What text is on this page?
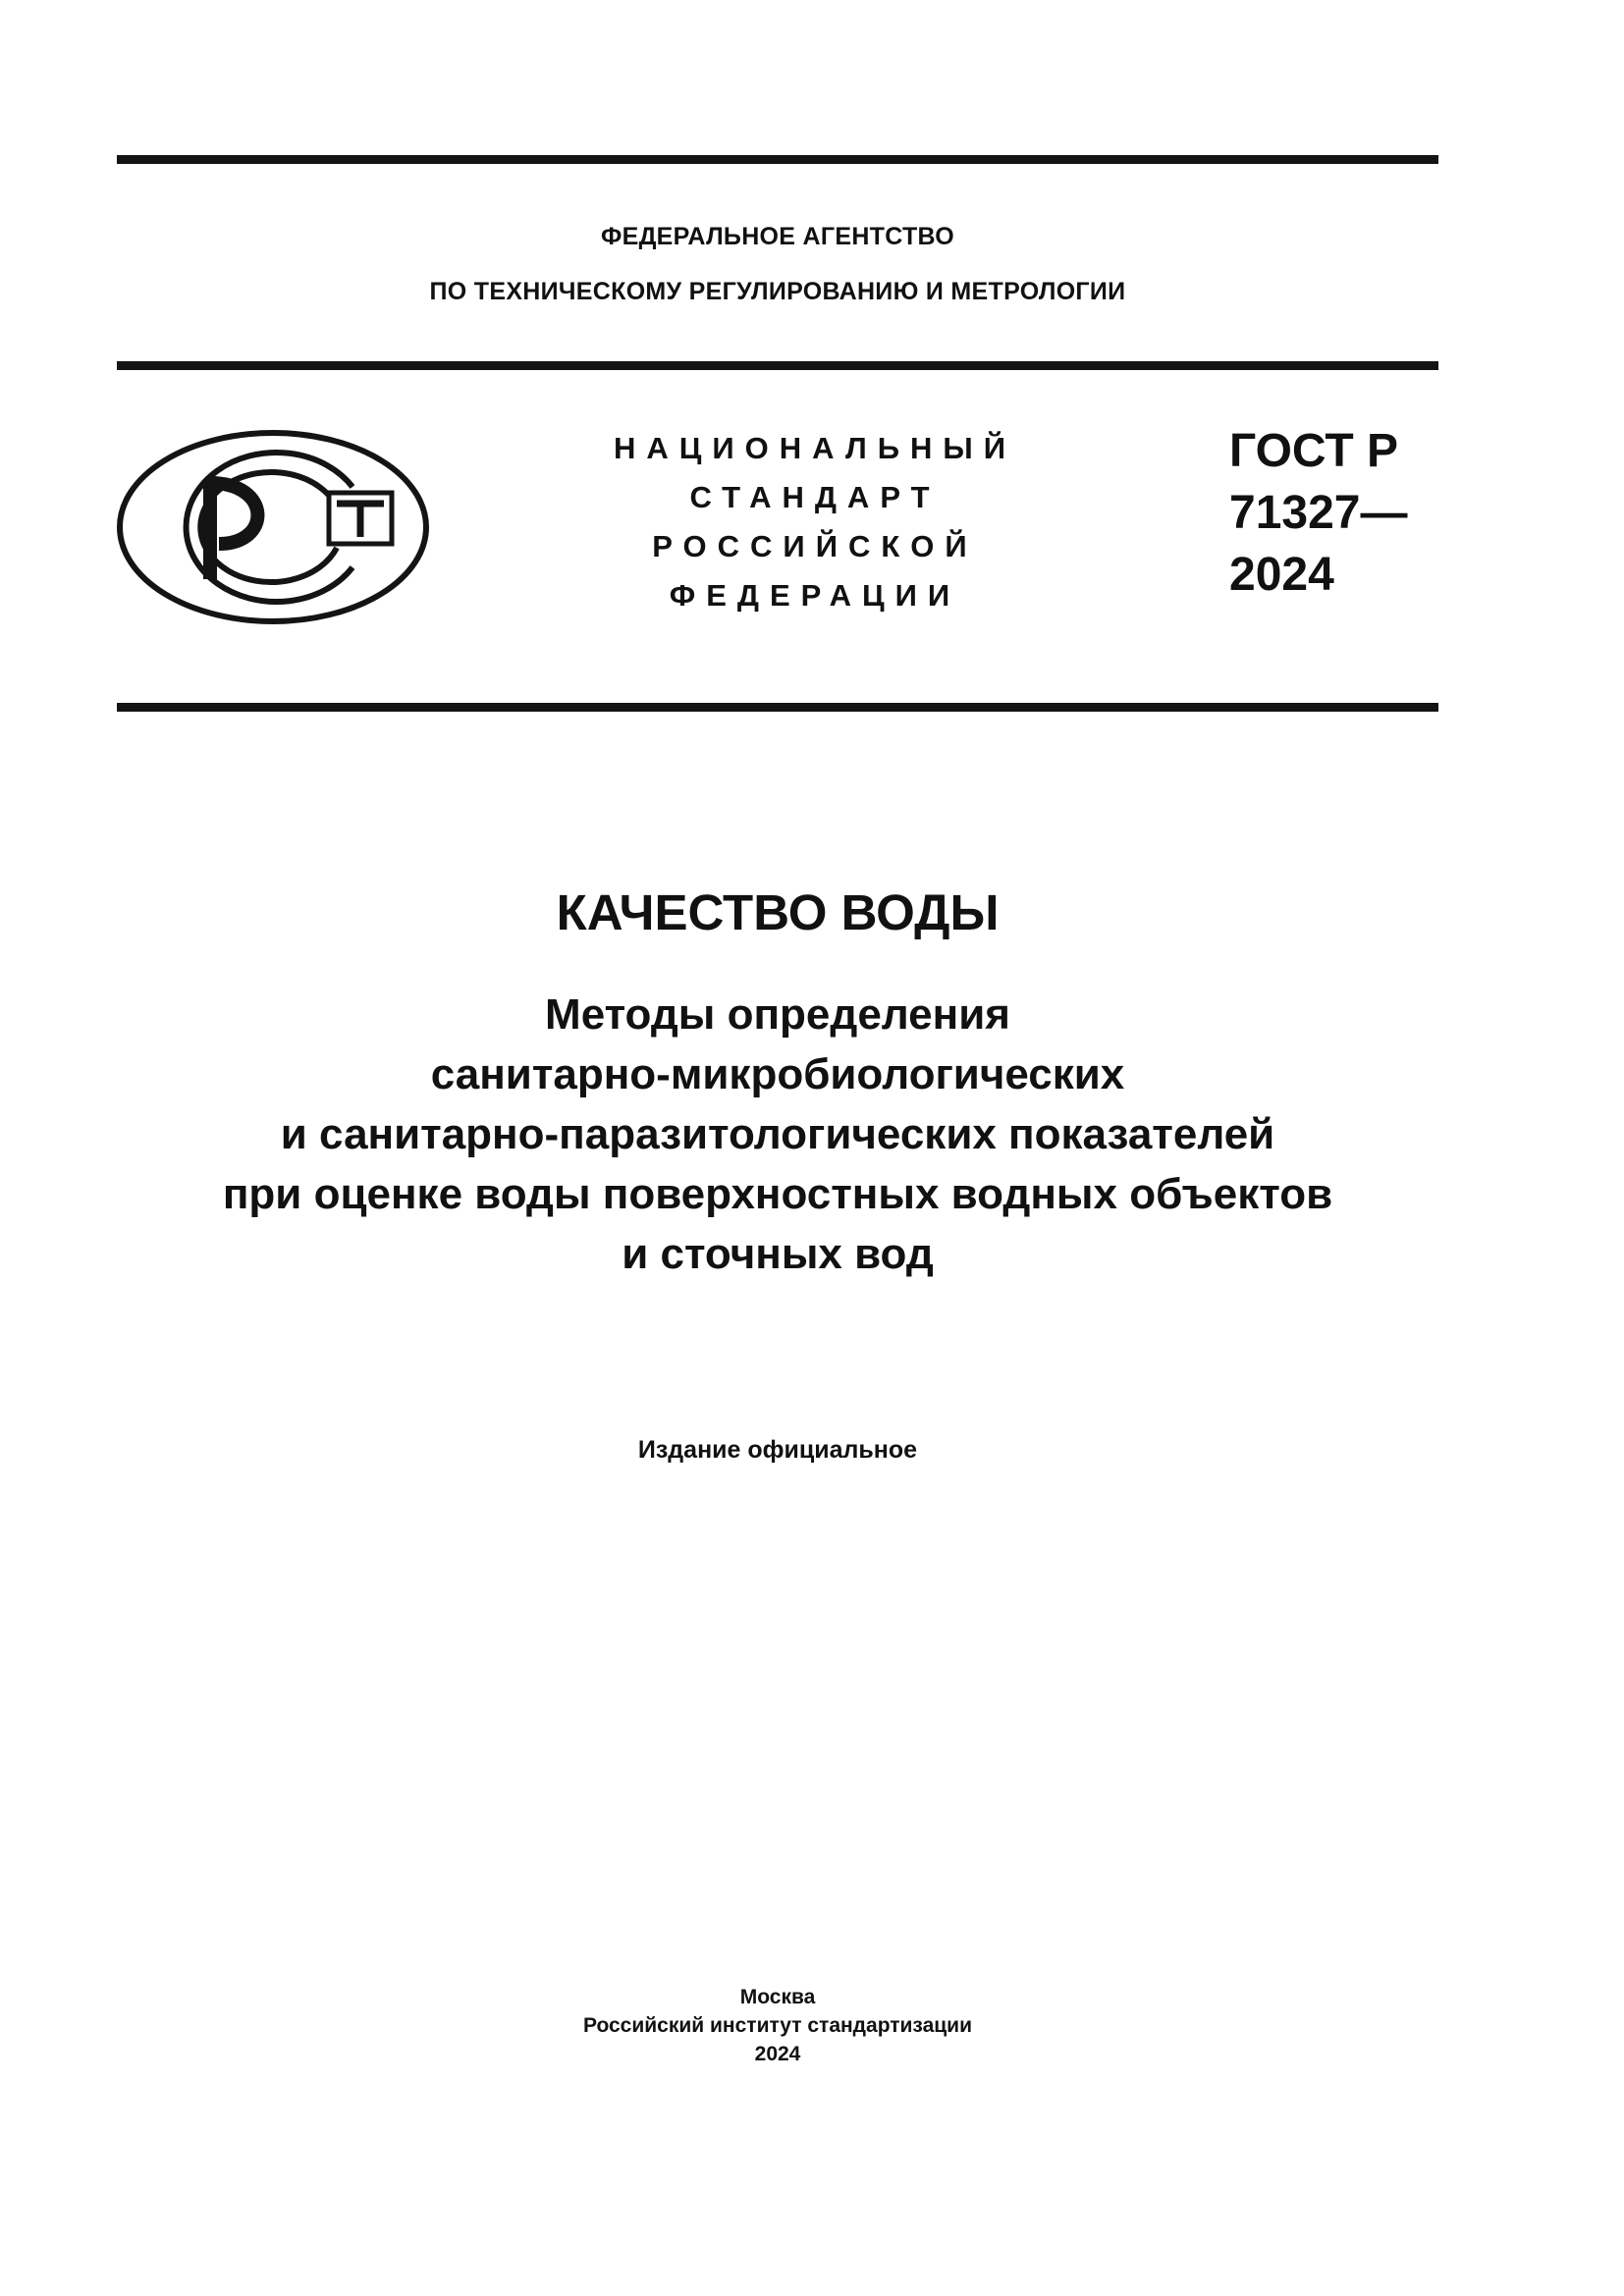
ФЕДЕРАЛЬНОЕ АГЕНТСТВО
ПО ТЕХНИЧЕСКОМУ РЕГУЛИРОВАНИЮ И МЕТРОЛОГИИ
НАЦИОНАЛЬНЫЙ
СТАНДАРТ
РОССИЙСКОЙ
ФЕДЕРАЦИИ
ГОСТ Р
71327—
2024
КАЧЕСТВО ВОДЫ
Методы определения
санитарно-микробиологических
и санитарно-паразитологических показателей
при оценке воды поверхностных водных объектов
и сточных вод
Издание официальное
Москва
Российский институт стандартизации
2024
